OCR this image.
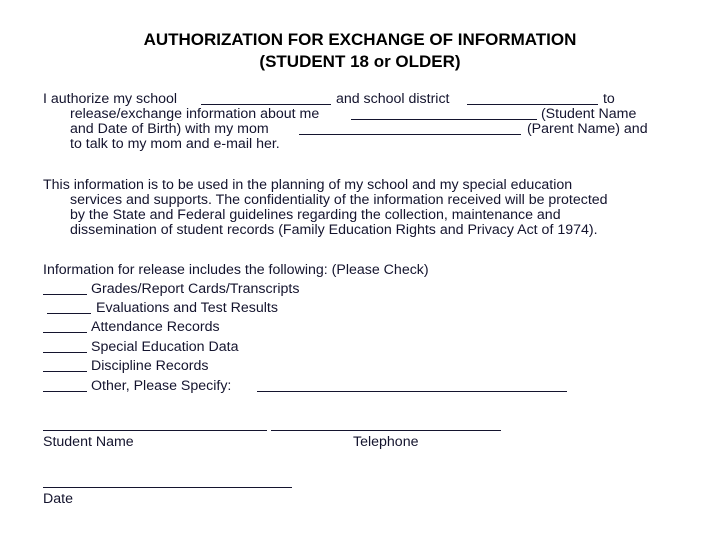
AUTHORIZATION FOR EXCHANGE OF INFORMATION
(STUDENT 18 or OLDER)
I authorize my school	and school district	to
release/exchange information about me	(Student Name
and Date of Birth) with my mom	(Parent Name) and
to talk to my mom and e-mail her.
This information is to be used in the planning of my school and my special education
services and supports. The confidentiality of the information received will be protected
by the State and Federal guidelines regarding the collection, maintenance and
dissemination of student records (Family Education Rights and Privacy Act of 1974).
Information for release includes the following: (Please Check)
Grades/Report Cards/Transcripts
Evaluations and Test Results
Attendance Records
Special Education Data
Discipline Records
Other, Please Specify:
Student Name	Telephone
Date
